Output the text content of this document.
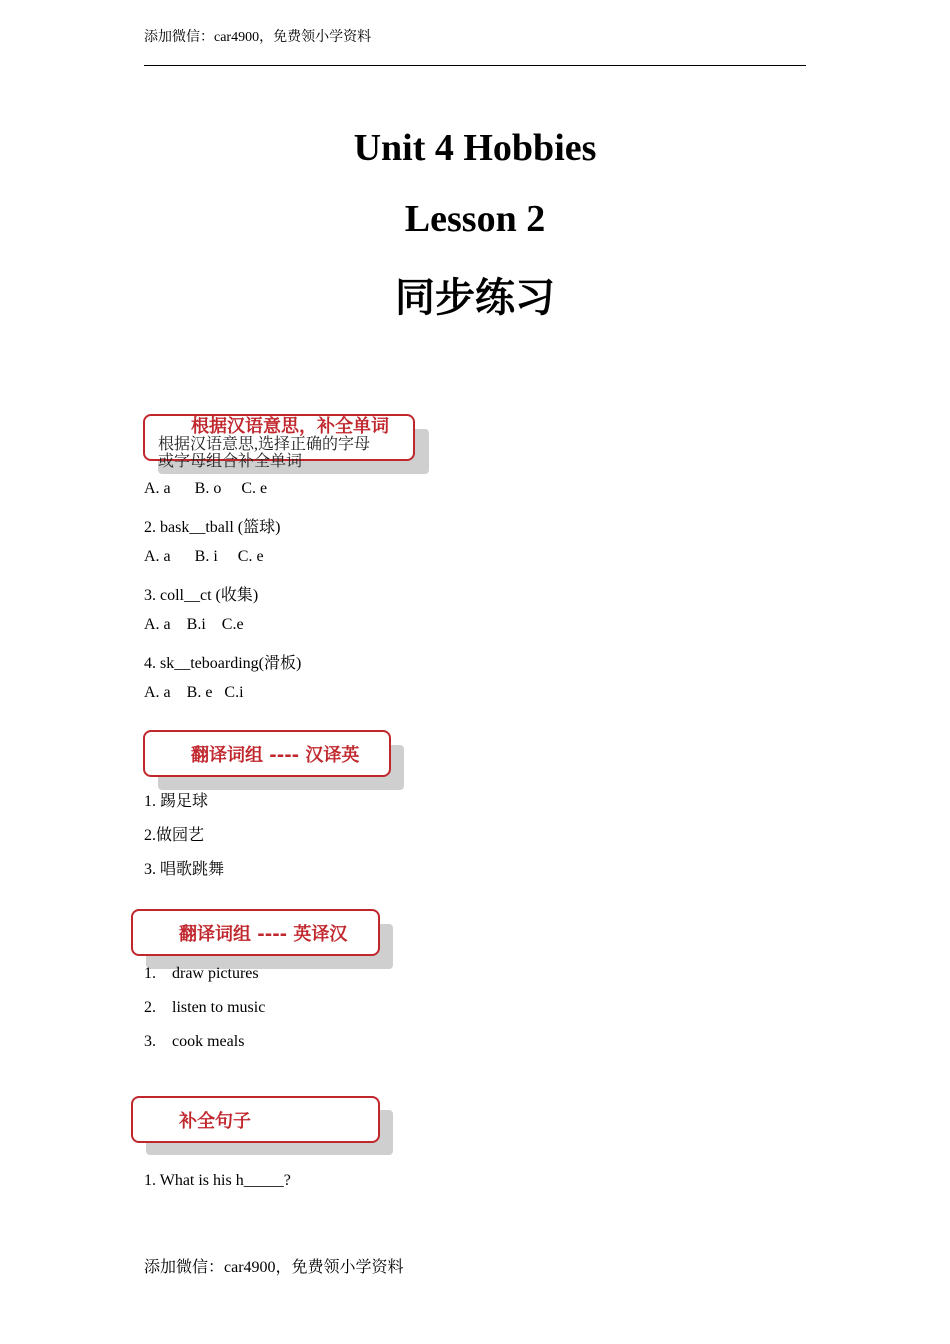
添加微信：car4900，免费领小学资料
Unit 4 Hobbies
Lesson 2
同步练习
根据汉语意思，补全单词
根据汉语意思,选择正确的字母
或字母组合补全单词
A. a      B. o     C. e
2. bask__tball (篮球)
A. a      B. i     C. e
3. coll__ct (收集)
A. a    B.i    C.e
4. sk__teboarding(滑板)
A. a    B. e   C.i
翻译词组 ---- 汉译英
1. 踢足球
2.做园艺
3. 唱歌跳舞
翻译词组 ---- 英译汉
1. draw pictures
2. listen to music
3. cook meals
补全句子
1. What is his h_____?
添加微信：car4900，免费领小学资料
